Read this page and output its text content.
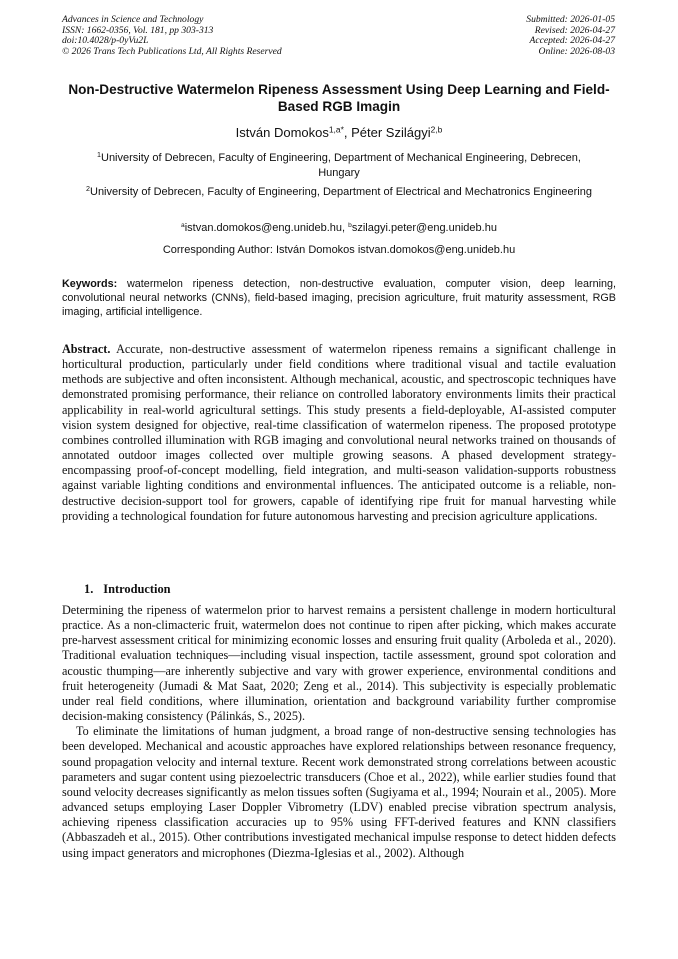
Advances in Science and Technology
ISSN: 1662-0356, Vol. 181, pp 303-313
doi:10.4028/p-0yVu2L
© 2026 Trans Tech Publications Ltd, All Rights Reserved
Submitted: 2026-01-05
Revised: 2026-04-27
Accepted: 2026-04-27
Online: 2026-08-03
Non-Destructive Watermelon Ripeness Assessment Using Deep Learning and Field-Based RGB Imagin
István Domokos$^{1,a*}$, Péter Szilágyi$^{2,b}$
$^1$University of Debrecen, Faculty of Engineering, Department of Mechanical Engineering, Debrecen, Hungary
$^2$University of Debrecen, Faculty of Engineering, Department of Electrical and Mechatronics Engineering
$^a$istvan.domokos@eng.unideb.hu, $^b$szilagyi.peter@eng.unideb.hu
Corresponding Author: István Domokos istvan.domokos@eng.unideb.hu
Keywords: watermelon ripeness detection, non-destructive evaluation, computer vision, deep learning, convolutional neural networks (CNNs), field-based imaging, precision agriculture, fruit maturity assessment, RGB imaging, artificial intelligence.
Abstract. Accurate, non-destructive assessment of watermelon ripeness remains a significant challenge in horticultural production, particularly under field conditions where traditional visual and tactile evaluation methods are subjective and often inconsistent. Although mechanical, acoustic, and spectroscopic techniques have demonstrated promising performance, their reliance on controlled laboratory environments limits their practical applicability in real-world agricultural settings. This study presents a field-deployable, AI-assisted computer vision system designed for objective, real-time classification of watermelon ripeness. The proposed prototype combines controlled illumination with RGB imaging and convolutional neural networks trained on thousands of annotated outdoor images collected over multiple growing seasons. A phased development strategy-encompassing proof-of-concept modelling, field integration, and multi-season validation-supports robustness against variable lighting conditions and environmental influences. The anticipated outcome is a reliable, non-destructive decision-support tool for growers, capable of identifying ripe fruit for manual harvesting while providing a technological foundation for future autonomous harvesting and precision agriculture applications.
1. Introduction

Determining the ripeness of watermelon prior to harvest remains a persistent challenge in modern horticultural practice. As a non-climacteric fruit, watermelon does not continue to ripen after picking, which makes accurate pre-harvest assessment critical for minimizing economic losses and ensuring fruit quality (Arboleda et al., 2020). Traditional evaluation techniques—including visual inspection, tactile assessment, ground spot coloration and acoustic thumping—are inherently subjective and vary with grower experience, environmental conditions and fruit heterogeneity (Jumadi & Mat Saat, 2020; Zeng et al., 2014). This subjectivity is especially problematic under real field conditions, where illumination, orientation and background variability further compromise decision-making consistency (Pálinkás, S., 2025).

To eliminate the limitations of human judgment, a broad range of non-destructive sensing technologies has been developed. Mechanical and acoustic approaches have explored relationships between resonance frequency, sound propagation velocity and internal texture. Recent work demonstrated strong correlations between acoustic parameters and sugar content using piezoelectric transducers (Choe et al., 2022), while earlier studies found that sound velocity decreases significantly as melon tissues soften (Sugiyama et al., 1994; Nourain et al., 2005). More advanced setups employing Laser Doppler Vibrometry (LDV) enabled precise vibration spectrum analysis, achieving ripeness classification accuracies up to 95% using FFT-derived features and KNN classifiers (Abbaszadeh et al., 2015). Other contributions investigated mechanical impulse response to detect hidden defects using impact generators and microphones (Diezma-Iglesias et al., 2002). Although
